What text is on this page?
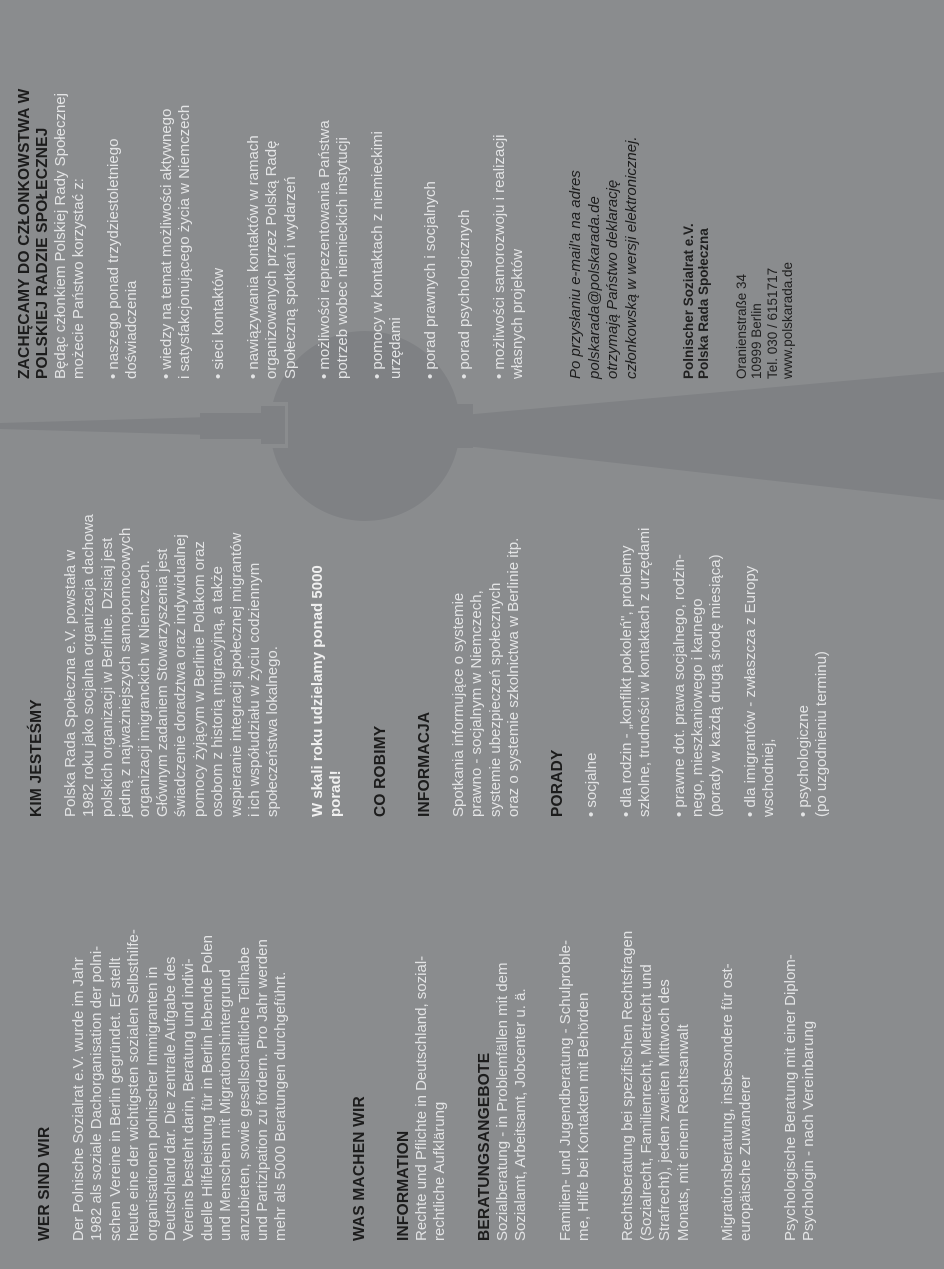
WER SIND WIR Der Polnische Sozialrat e.V. wurde im Jahr
1982 als soziale Dachorganisation der polni-
schen Vereine in Berlin gegründet. Er stellt
heute eine der wichtigsten sozialen Selbsthilfe-
organisationen polnischer Immigranten in
Deutschland dar. Die zentrale Aufgabe des
Vereins besteht darin, Beratung und indivi-
duelle Hilfeleistung für in Berlin lebende Polen
und Menschen mit Migrationshintergrund
anzubieten, sowie gesellschaftliche Teilhabe
und Partizipation zu fördern. Pro Jahr werden
mehr als 5000 Beratungen durchgeführt.	WAS MACHEN WIR INFORMATION Rechte und Pflichte in Deutschland, sozial-
rechtliche Aufklärung BERATUNGSANGEBOTE Sozialberatung - in Problemfällen mit dem
Sozialamt, Arbeitsamt, Jobcenter u. ä. Familien- und Jugendberatung - Schulproble-
me, Hilfe bei Kontakten mit Behörden Rechtsberatung bei spezifischen Rechtsfragen
(Sozialrecht, Familienrecht, Mietrecht und
Strafrecht), jeden zweiten Mittwoch des
Monats, mit einem Rechtsanwalt Migrationsberatung, insbesondere für ost-
europäische Zuwanderer Psychologische Beratung mit einer Diplom-
Psychologin - nach Vereinbarung

KIM JESTEŚMY Polska Rada Społeczna e.V. powstała w
1982 roku jako socjalna organizacja dachowa
polskich organizacji w Berlinie. Dzisiaj jest
jedną z najważniejszych samopomocowych
organizacji imigranckich w Niemczech.
Głównym zadaniem Stowarzyszenia jest
świadczenie doradztwa oraz indywidualnej
pomocy żyjącym w Berlinie Polakom oraz
osobom z historią migracyjną, a także
wspieranie integracji społecznej migrantów
i ich współudziału w życiu codziennym
społeczeństwa lokalnego. W skali roku udzielamy ponad 5000
porad! CO ROBIMY INFORMACJA Spotkania informujące o systemie
prawno - socjalnym w Niemczech,
systemie ubezpieczeń społecznych
oraz o systemie szkolnictwa w Berlinie itp. PORADY • socjalne • dla rodzin - „konflikt pokoleń", problemy
szkolne, trudności w kontaktach z urzędami • prawne dot. prawa socjalnego, rodzin-
nego, mieszkaniowego i karnego
(porady w każdą drugą środę miesiąca) • dla imigrantów - zwłaszcza z Europy
wschodniej, • psychologiczne
(po uzgodnieniu terminu)

ZACHĘCAMY DO CZŁONKOWSTWA W
POLSKIEJ RADZIE SPOŁECZNEJ Będąc członkiem Polskiej Rady Społecznej
możecie Państwo korzystać z: • naszego ponad trzydziestoletniego
doświadczenia • wiedzy na temat możliwości aktywnego
i satysfakcjonującego życia w Niemczech • sieci kontaktów • nawiązywania kontaktów w ramach
organizowanych przez Polską Radę
Społeczną spotkań i wydarzeń • możliwości reprezentowania Państwa
potrzeb wobec niemieckich instytucji • pomocy w kontaktach z niemieckimi
urzędami • porad prawnych i socjalnych • porad psychologicznych • możliwości samorozwoju i realizacji
własnych projektów	Po przysłaniu e-mail'a na adres
polskarada@polskarada.de
otrzymają Państwo deklarację
członkowską w wersji elektronicznej.	Polnischer Sozialrat e.V.
Polska Rada Społeczna Oranienstraße 34
10999 Berlin
Tel. 030 / 6151717
www.polskarada.de
